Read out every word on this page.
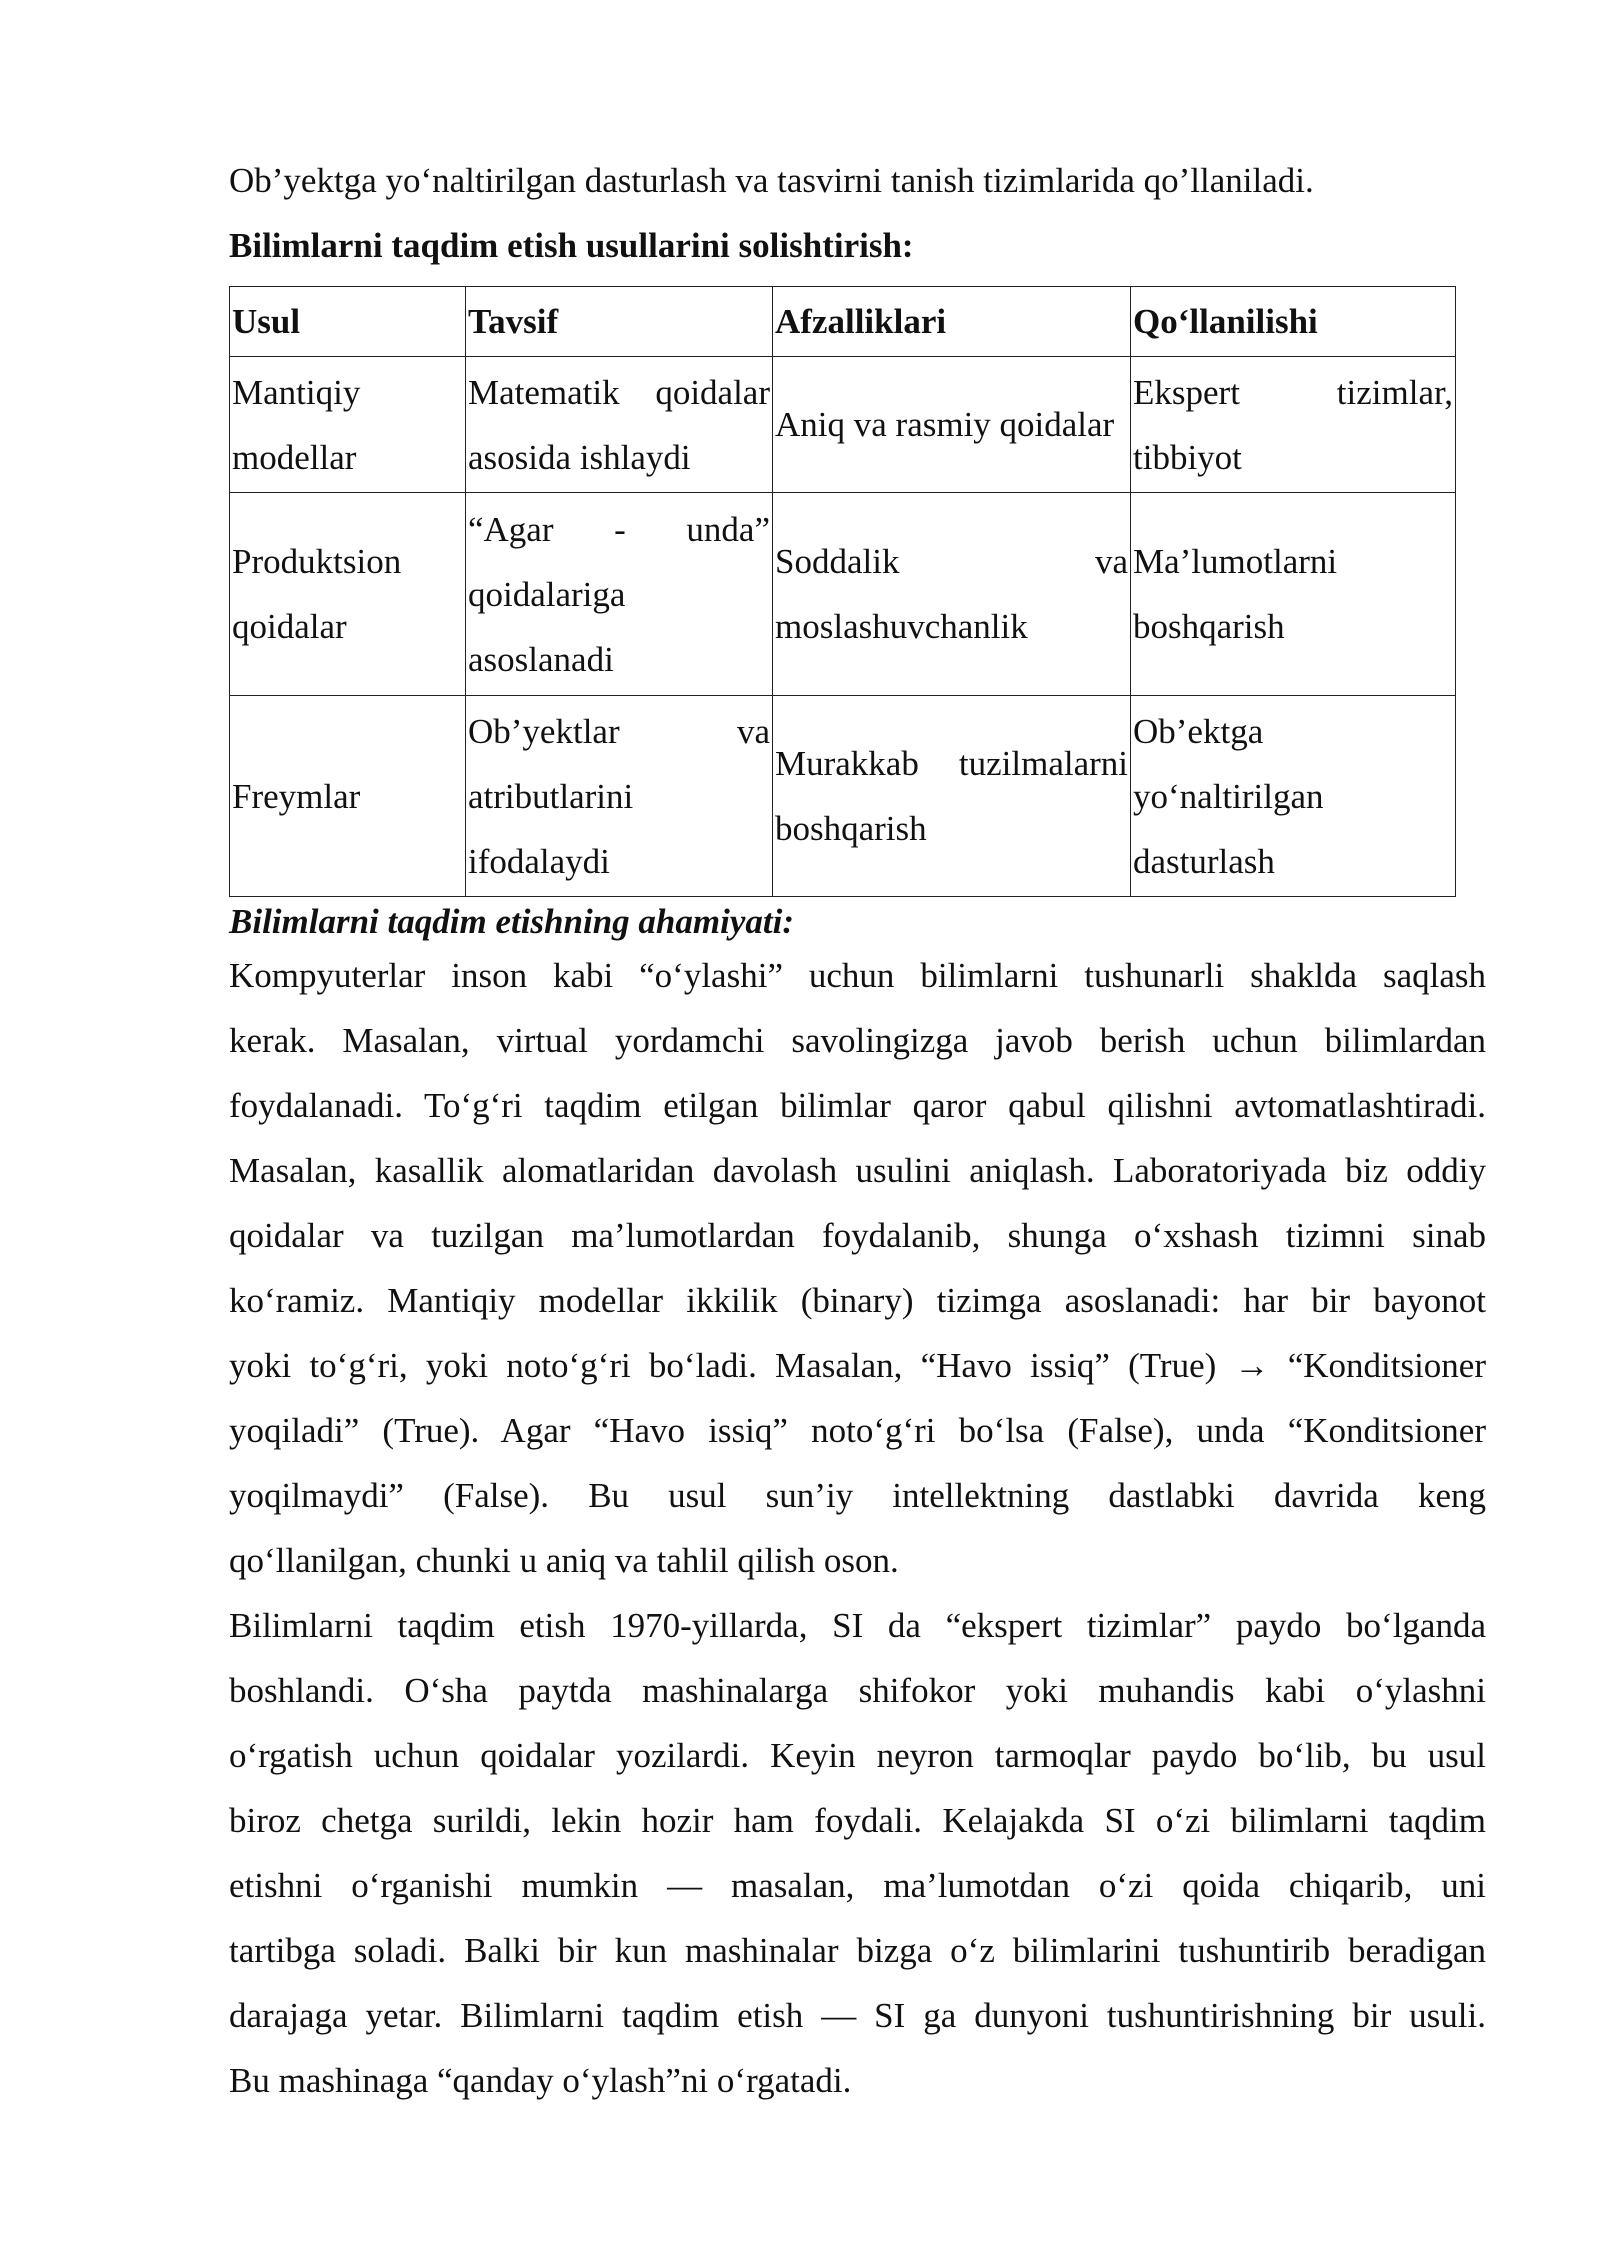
Ob’yektga yo‘naltirilgan dasturlash va tasvirni tanish tizimlarida qo’llaniladi.

Bilimlarni taqdim etish usullarini solishtirish:

Usul	Tavsif	Afzalliklari	Qo‘llanilishi
Mantiqiy modellar	Matematik qoidalar asosida ishlaydi	Aniq va rasmiy qoidalar	Ekspert tizimlar, tibbiyot
Produktsion qoidalar	“Agar - unda” qoidalariga asoslanadi	Soddalik va moslashuvchanlik	Ma’lumotlarni boshqarish
Freymlar	Ob’yektlar va atributlarini ifodalaydi	Murakkab tuzilmalarni boshqarish	Ob’ektga yo‘naltirilgan dasturlash

Bilimlarni taqdim etishning ahamiyati:

Kompyuterlar inson kabi “o‘ylashi” uchun bilimlarni tushunarli shaklda saqlash
kerak. Masalan, virtual yordamchi savolingizga javob berish uchun bilimlardan
foydalanadi. To‘g‘ri taqdim etilgan bilimlar qaror qabul qilishni avtomatlashtiradi.
Masalan, kasallik alomatlaridan davolash usulini aniqlash. Laboratoriyada biz oddiy
qoidalar va tuzilgan ma’lumotlardan foydalanib, shunga o‘xshash tizimni sinab
ko‘ramiz. Mantiqiy modellar ikkilik (binary) tizimga asoslanadi: har bir bayonot
yoki to‘g‘ri, yoki noto‘g‘ri bo‘ladi. Masalan, “Havo issiq” (True) → “Konditsioner
yoqiladi” (True). Agar “Havo issiq” noto‘g‘ri bo‘lsa (False), unda “Konditsioner
yoqilmaydi” (False). Bu usul sun’iy intellektning dastlabki davrida keng
qo‘llanilgan, chunki u aniq va tahlil qilish oson.
Bilimlarni taqdim etish 1970-yillarda, SI da “ekspert tizimlar” paydo bo‘lganda
boshlandi. O‘sha paytda mashinalarga shifokor yoki muhandis kabi o‘ylashni
o‘rgatish uchun qoidalar yozilardi. Keyin neyron tarmoqlar paydo bo‘lib, bu usul
biroz chetga surildi, lekin hozir ham foydali. Kelajakda SI o‘zi bilimlarni taqdim
etishni o‘rganishi mumkin — masalan, ma’lumotdan o‘zi qoida chiqarib, uni
tartibga soladi. Balki bir kun mashinalar bizga o‘z bilimlarini tushuntirib beradigan
darajaga yetar. Bilimlarni taqdim etish — SI ga dunyoni tushuntirishning bir usuli.
Bu mashinaga “qanday o‘ylash”ni o‘rgatadi.
